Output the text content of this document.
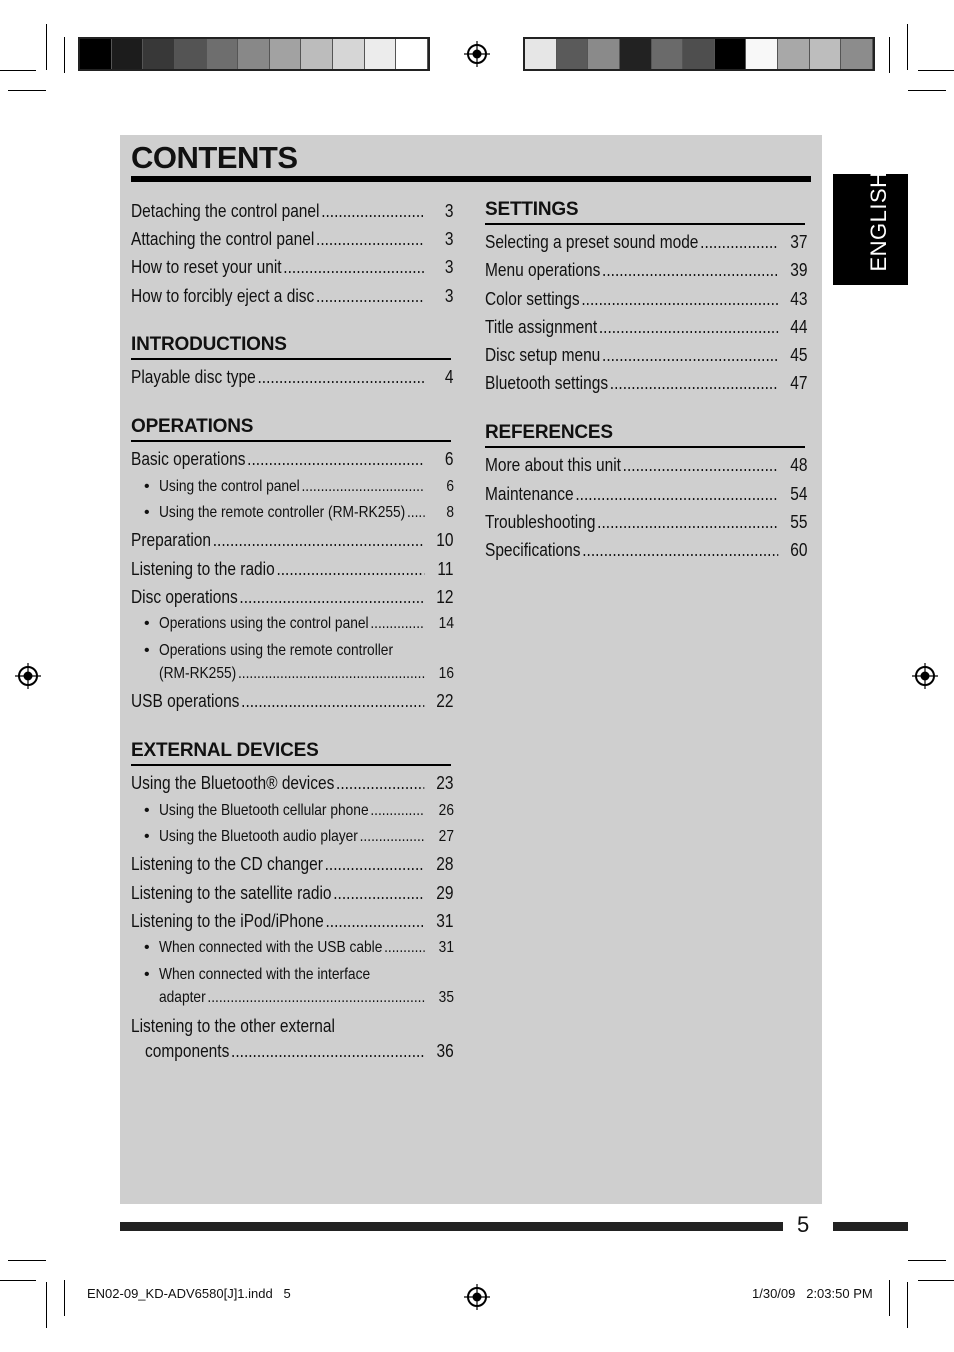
CONTENTS
ENGLISH
Detaching the control panel .....	3
Attaching the control panel .....	3
How to reset your unit .....	3
How to forcibly eject a disc .....	3
INTRODUCTIONS
Playable disc type .....	4
OPERATIONS
Basic operations .....	6
• Using the control panel .....	6
• Using the remote controller (RM-RK255) .....	8
Preparation .....	10
Listening to the radio .....	11
Disc operations .....	12
• Operations using the control panel .....	14
• Operations using the remote controller
(RM-RK255) .....	16
USB operations .....	22
EXTERNAL DEVICES
Using the Bluetooth® devices .....	23
• Using the Bluetooth cellular phone .....	26
• Using the Bluetooth audio player .....	27
Listening to the CD changer .....	28
Listening to the satellite radio .....	29
Listening to the iPod/iPhone .....	31
• When connected with the USB cable .....	31
• When connected with the interface
adapter .....	35
Listening to the other external
components .....	36
SETTINGS
Selecting a preset sound mode .....	37
Menu operations .....	39
Color settings .....	43
Title assignment .....	44
Disc setup menu .....	45
Bluetooth settings .....	47
REFERENCES
More about this unit .....	48
Maintenance .....	54
Troubleshooting .....	55
Specifications .....	60
5
EN02-09_KD-ADV6580[J]1.indd   5	1/30/09   2:03:50 PM
